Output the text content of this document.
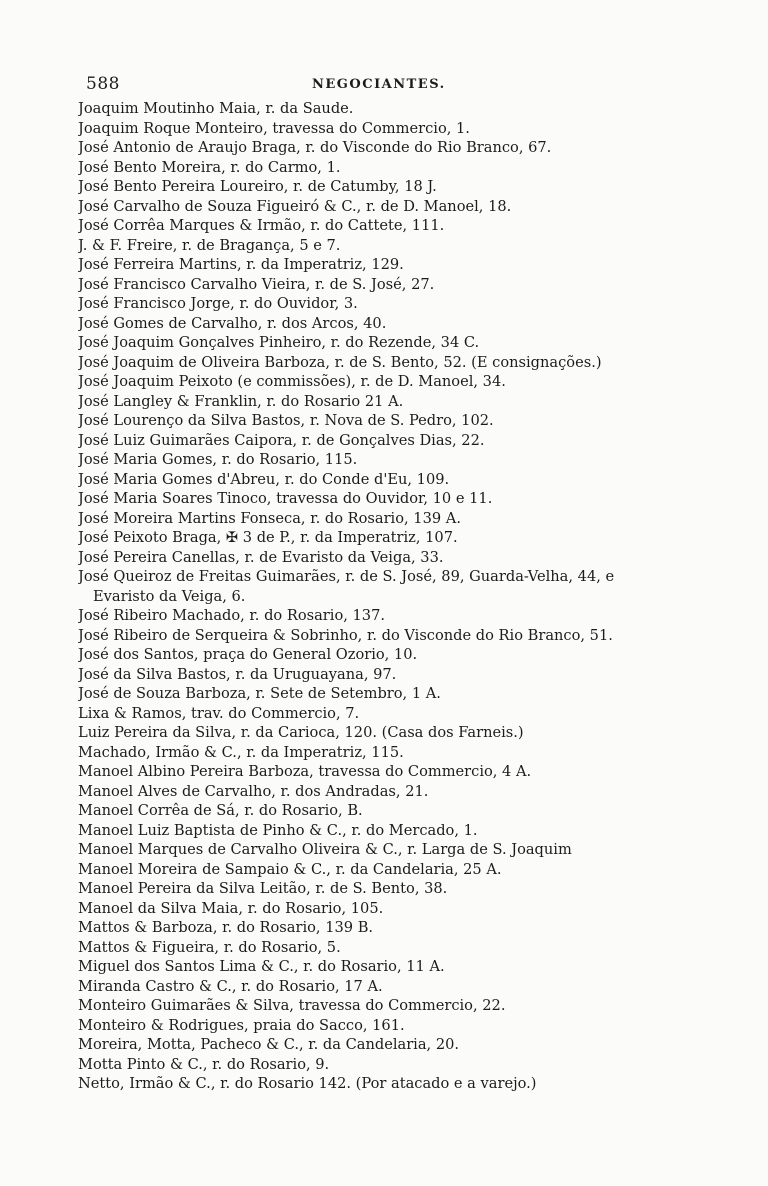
588	NEGOCIANTES.
Joaquim Moutinho Maia, r. da Saude.
Joaquim Roque Monteiro, travessa do Commercio, 1.
José Antonio de Araujo Braga, r. do Visconde do Rio Branco, 67.
José Bento Moreira, r. do Carmo, 1.
José Bento Pereira Loureiro, r. de Catumby, 18 J.
José Carvalho de Souza Figueiró & C., r. de D. Manoel, 18.
José Corrêa Marques & Irmão, r. do Cattete, 111.
J. & F. Freire, r. de Bragança, 5 e 7.
José Ferreira Martins, r. da Imperatriz, 129.
José Francisco Carvalho Vieira, r. de S. José, 27.
José Francisco Jorge, r. do Ouvidor, 3.
José Gomes de Carvalho, r. dos Arcos, 40.
José Joaquim Gonçalves Pinheiro, r. do Rezende, 34 C.
José Joaquim de Oliveira Barboza, r. de S. Bento, 52. (E consignações.)
José Joaquim Peixoto (e commissões), r. de D. Manoel, 34.
José Langley & Franklin, r. do Rosario 21 A.
José Lourenço da Silva Bastos, r. Nova de S. Pedro, 102.
José Luiz Guimarães Caipora, r. de Gonçalves Dias, 22.
José Maria Gomes, r. do Rosario, 115.
José Maria Gomes d'Abreu, r. do Conde d'Eu, 109.
José Maria Soares Tinoco, travessa do Ouvidor, 10 e 11.
José Moreira Martins Fonseca, r. do Rosario, 139 A.
José Peixoto Braga, ✠ 3 de P., r. da Imperatriz, 107.
José Pereira Canellas, r. de Evaristo da Veiga, 33.
José Queiroz de Freitas Guimarães, r. de S. José, 89, Guarda-Velha, 44, e
Evaristo da Veiga, 6.
José Ribeiro Machado, r. do Rosario, 137.
José Ribeiro de Serqueira & Sobrinho, r. do Visconde do Rio Branco, 51.
José dos Santos, praça do General Ozorio, 10.
José da Silva Bastos, r. da Uruguayana, 97.
José de Souza Barboza, r. Sete de Setembro, 1 A.
Lixa & Ramos, trav. do Commercio, 7.
Luiz Pereira da Silva, r. da Carioca, 120. (Casa dos Farneis.)
Machado, Irmão & C., r. da Imperatriz, 115.
Manoel Albino Pereira Barboza, travessa do Commercio, 4 A.
Manoel Alves de Carvalho, r. dos Andradas, 21.
Manoel Corrêa de Sá, r. do Rosario, B.
Manoel Luiz Baptista de Pinho & C., r. do Mercado, 1.
Manoel Marques de Carvalho Oliveira & C., r. Larga de S. Joaquim
Manoel Moreira de Sampaio & C., r. da Candelaria, 25 A.
Manoel Pereira da Silva Leitão, r. de S. Bento, 38.
Manoel da Silva Maia, r. do Rosario, 105.
Mattos & Barboza, r. do Rosario, 139 B.
Mattos & Figueira, r. do Rosario, 5.
Miguel dos Santos Lima & C., r. do Rosario, 11 A.
Miranda Castro & C., r. do Rosario, 17 A.
Monteiro Guimarães & Silva, travessa do Commercio, 22.
Monteiro & Rodrigues, praia do Sacco, 161.
Moreira, Motta, Pacheco & C., r. da Candelaria, 20.
Motta Pinto & C., r. do Rosario, 9.
Netto, Irmão & C., r. do Rosario 142. (Por atacado e a varejo.)
